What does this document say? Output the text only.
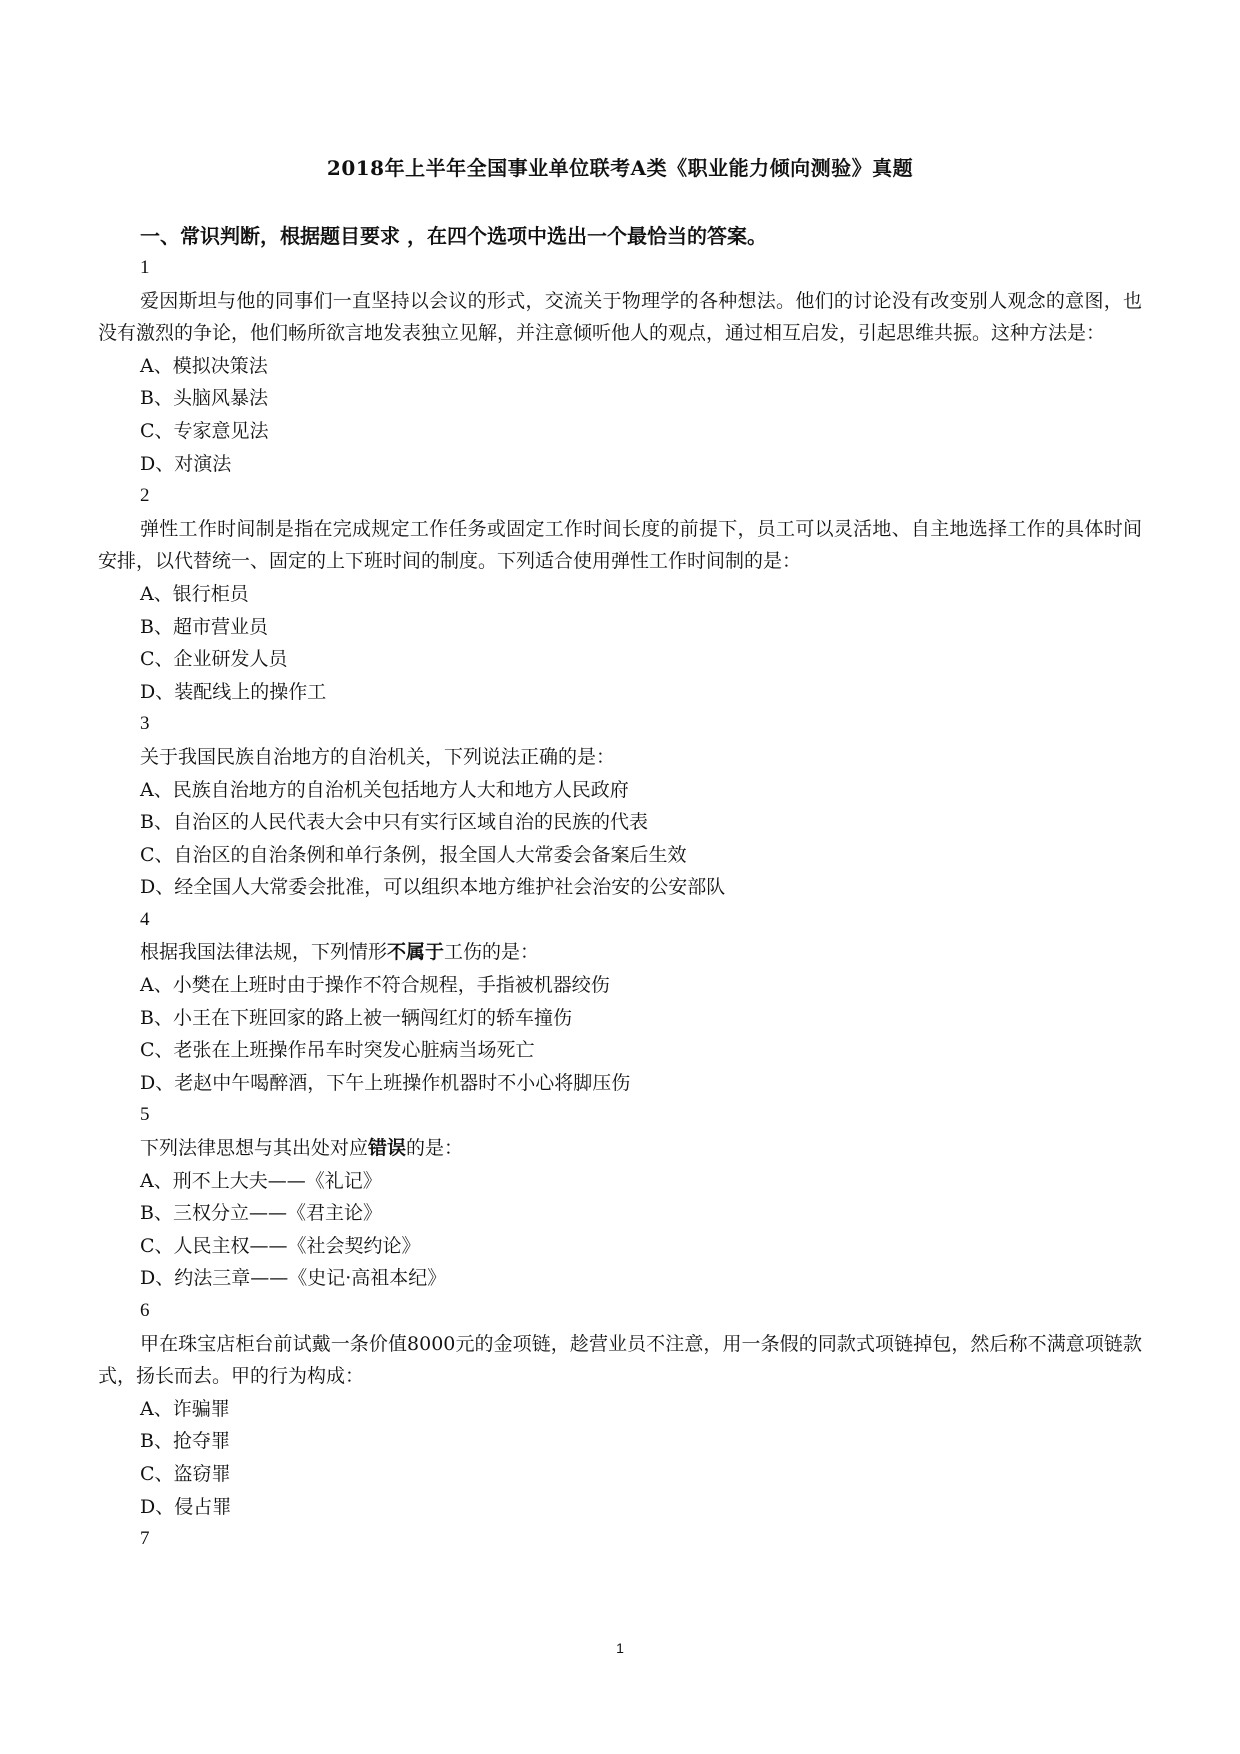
2018年上半年全国事业单位联考A类《职业能力倾向测验》真题
一、常识判断，根据题目要求 ，在四个选项中选出一个最恰当的答案。
1
爱因斯坦与他的同事们一直坚持以会议的形式，交流关于物理学的各种想法。他们的讨论没有改变别人观念的意图，也没有激烈的争论，他们畅所欲言地发表独立见解，并注意倾听他人的观点，通过相互启发，引起思维共振。这种方法是：
A、模拟决策法
B、头脑风暴法
C、专家意见法
D、对演法
2
弹性工作时间制是指在完成规定工作任务或固定工作时间长度的前提下，员工可以灵活地、自主地选择工作的具体时间安排，以代替统一、固定的上下班时间的制度。下列适合使用弹性工作时间制的是：
A、银行柜员
B、超市营业员
C、企业研发人员
D、装配线上的操作工
3
关于我国民族自治地方的自治机关，下列说法正确的是：
A、民族自治地方的自治机关包括地方人大和地方人民政府
B、自治区的人民代表大会中只有实行区域自治的民族的代表
C、自治区的自治条例和单行条例，报全国人大常委会备案后生效
D、经全国人大常委会批准，可以组织本地方维护社会治安的公安部队
4
根据我国法律法规，下列情形不属于工伤的是：
A、小樊在上班时由于操作不符合规程，手指被机器绞伤
B、小王在下班回家的路上被一辆闯红灯的轿车撞伤
C、老张在上班操作吊车时突发心脏病当场死亡
D、老赵中午喝醉酒，下午上班操作机器时不小心将脚压伤
5
下列法律思想与其出处对应错误的是：
A、刑不上大夫——《礼记》
B、三权分立——《君主论》
C、人民主权——《社会契约论》
D、约法三章——《史记·高祖本纪》
6
甲在珠宝店柜台前试戴一条价值8000元的金项链，趁营业员不注意，用一条假的同款式项链掉包，然后称不满意项链款式，扬长而去。甲的行为构成：
A、诈骗罪
B、抢夺罪
C、盗窃罪
D、侵占罪
7
1
